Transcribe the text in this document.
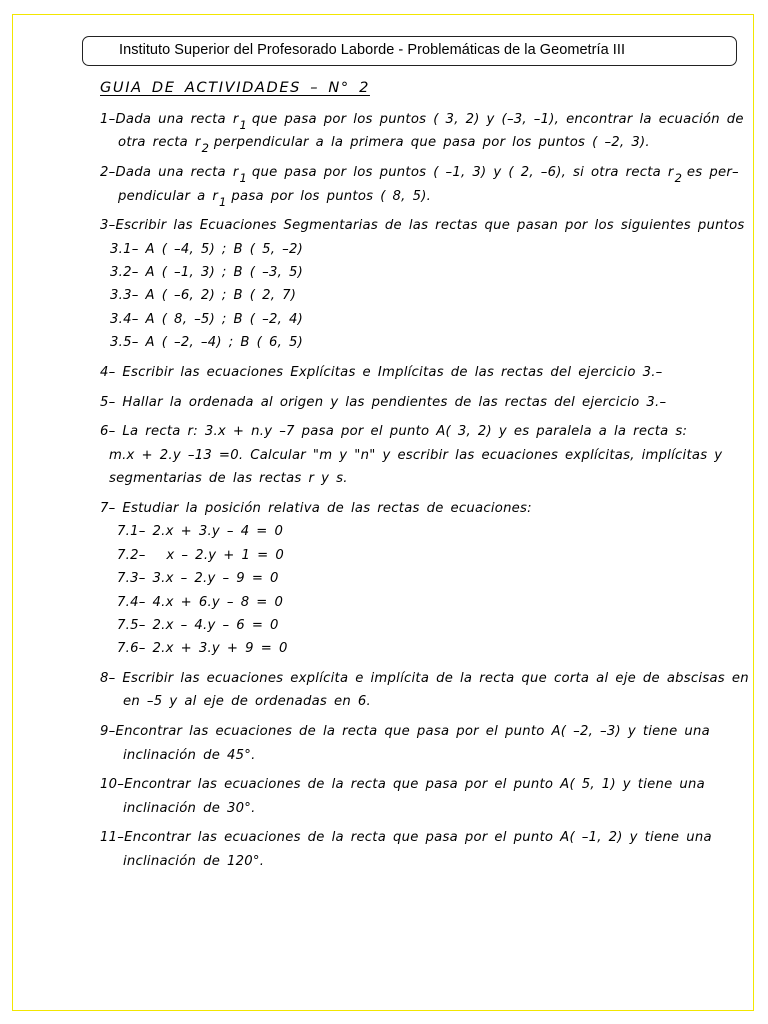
Instituto Superior del Profesorado Laborde - Problemáticas de la Geometría III
GUIA DE ACTIVIDADES – N° 2
1–Dada una recta r1 que pasa por los puntos ( 3, 2) y (–3, –1), encontrar la ecuación de
otra recta r2 perpendicular a la primera que pasa por los puntos ( –2, 3).
2–Dada una recta r1 que pasa por los puntos ( –1, 3) y ( 2, –6), si otra recta r2 es per–
pendicular a r1 pasa por los puntos ( 8, 5).
3–Escribir las Ecuaciones Segmentarias de las rectas que pasan por los siguientes puntos
3.1– A ( –4, 5) ; B ( 5, –2)
3.2– A ( –1, 3) ; B ( –3, 5)
3.3– A ( –6, 2) ; B ( 2, 7)
3.4– A ( 8, –5) ; B ( –2, 4)
3.5– A ( –2, –4) ; B ( 6, 5)
4– Escribir las ecuaciones Explícitas e Implícitas de las rectas del ejercicio 3.–
5– Hallar la ordenada al origen y las pendientes de las rectas del ejercicio 3.–
6– La recta r: 3.x + n.y –7 pasa por el punto A( 3, 2) y es paralela a la recta s:
m.x + 2.y –13 =0. Calcular "m y "n" y escribir las ecuaciones explícitas, implícitas y
segmentarias de las rectas r y s.
7– Estudiar la posición relativa de las rectas de ecuaciones:
7.1– 2.x + 3.y – 4 = 0
7.2–   x – 2.y + 1 = 0
7.3– 3.x – 2.y – 9 = 0
7.4– 4.x + 6.y – 8 = 0
7.5– 2.x – 4.y – 6 = 0
7.6– 2.x + 3.y + 9 = 0
8– Escribir las ecuaciones explícita e implícita de la recta que corta al eje de abscisas en
en –5 y al eje de ordenadas en 6.
9–Encontrar las ecuaciones de la recta que pasa por el punto A( –2, –3) y tiene una
inclinación de 45°.
10–Encontrar las ecuaciones de la recta que pasa por el punto A( 5, 1) y tiene una
inclinación de 30°.
11–Encontrar las ecuaciones de la recta que pasa por el punto A( –1, 2) y tiene una
inclinación de 120°.
